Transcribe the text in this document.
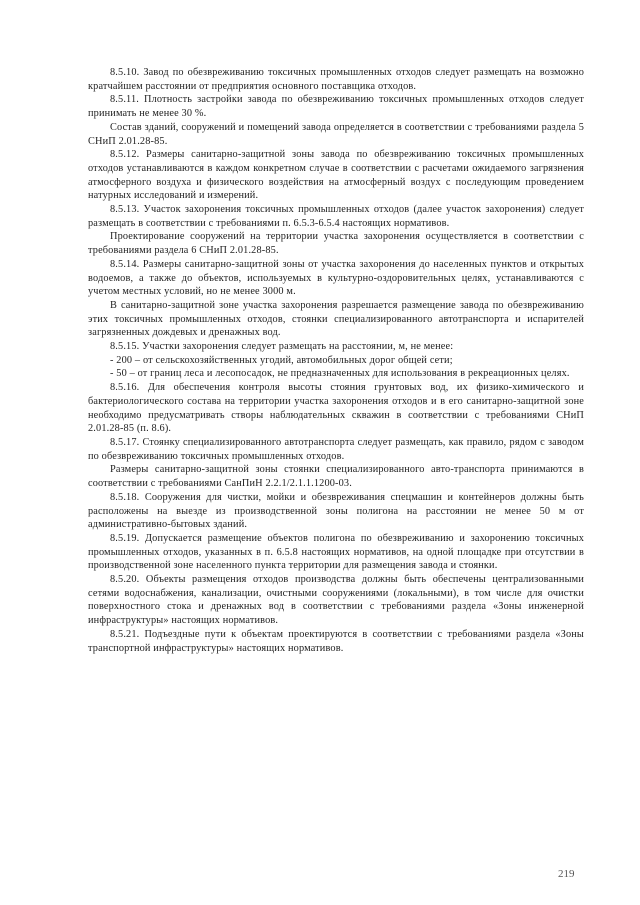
8.5.10. Завод по обезвреживанию токсичных промышленных отходов следует размещать на возможно кратчайшем расстоянии от предприятия основного поставщика отходов.

8.5.11. Плотность застройки завода по обезвреживанию токсичных промышленных отходов следует принимать не менее 30 %.

Состав зданий, сооружений и помещений завода определяется в соответствии с требованиями раздела 5 СНиП 2.01.28-85.

8.5.12. Размеры санитарно-защитной зоны завода по обезвреживанию токсичных промышленных отходов устанавливаются в каждом конкретном случае в соответствии с расчетами ожидаемого загрязнения атмосферного воздуха и физического воздействия на атмосферный воздух с последующим проведением натурных исследований и измерений.

8.5.13. Участок захоронения токсичных промышленных отходов (далее участок захоронения) следует размещать в соответствии с требованиями п. 6.5.3-6.5.4 настоящих нормативов.

Проектирование сооружений на территории участка захоронения осуществляется в соответствии с требованиями раздела 6 СНиП 2.01.28-85.

8.5.14. Размеры санитарно-защитной зоны от участка захоронения до населенных пунктов и открытых водоемов, а также до объектов, используемых в культурно-оздоровительных целях, устанавливаются с учетом местных условий, но не менее 3000 м.

В санитарно-защитной зоне участка захоронения разрешается размещение завода по обезвреживанию этих токсичных промышленных отходов, стоянки специализированного автотранспорта и испарителей загрязненных дождевых и дренажных вод.

8.5.15. Участки захоронения следует размещать на расстоянии, м, не менее:

- 200 – от сельскохозяйственных угодий, автомобильных дорог общей сети;

- 50 – от границ леса и лесопосадок, не предназначенных для использования в рекреационных целях.

8.5.16. Для обеспечения контроля высоты стояния грунтовых вод, их физико-химического и бактериологического состава на территории участка захоронения отходов и в его санитарно-защитной зоне необходимо предусматривать створы наблюдательных скважин в соответствии с требованиями СНиП 2.01.28-85 (п. 8.6).

8.5.17. Стоянку специализированного автотранспорта следует размещать, как правило, рядом с заводом по обезвреживанию токсичных промышленных отходов.

Размеры санитарно-защитной зоны стоянки специализированного авто-транспорта принимаются в соответствии с требованиями СанПиН 2.2.1/2.1.1.1200-03.

8.5.18. Сооружения для чистки, мойки и обезвреживания спецмашин и контейнеров должны быть расположены на выезде из производственной зоны полигона на расстоянии не менее 50 м от административно-бытовых зданий.

8.5.19. Допускается размещение объектов полигона по обезвреживанию и захоронению токсичных промышленных отходов, указанных в п. 6.5.8 настоящих нормативов, на одной площадке при отсутствии в производственной зоне населенного пункта территории для размещения завода и стоянки.

8.5.20. Объекты размещения отходов производства должны быть обеспечены централизованными сетями водоснабжения, канализации, очистными сооружениями (локальными), в том числе для очистки поверхностного стока и дренажных вод в соответствии с требованиями раздела «Зоны инженерной инфраструктуры» настоящих нормативов.

8.5.21. Подъездные пути к объектам проектируются в соответствии с требованиями раздела «Зоны транспортной инфраструктуры» настоящих нормативов.

219
